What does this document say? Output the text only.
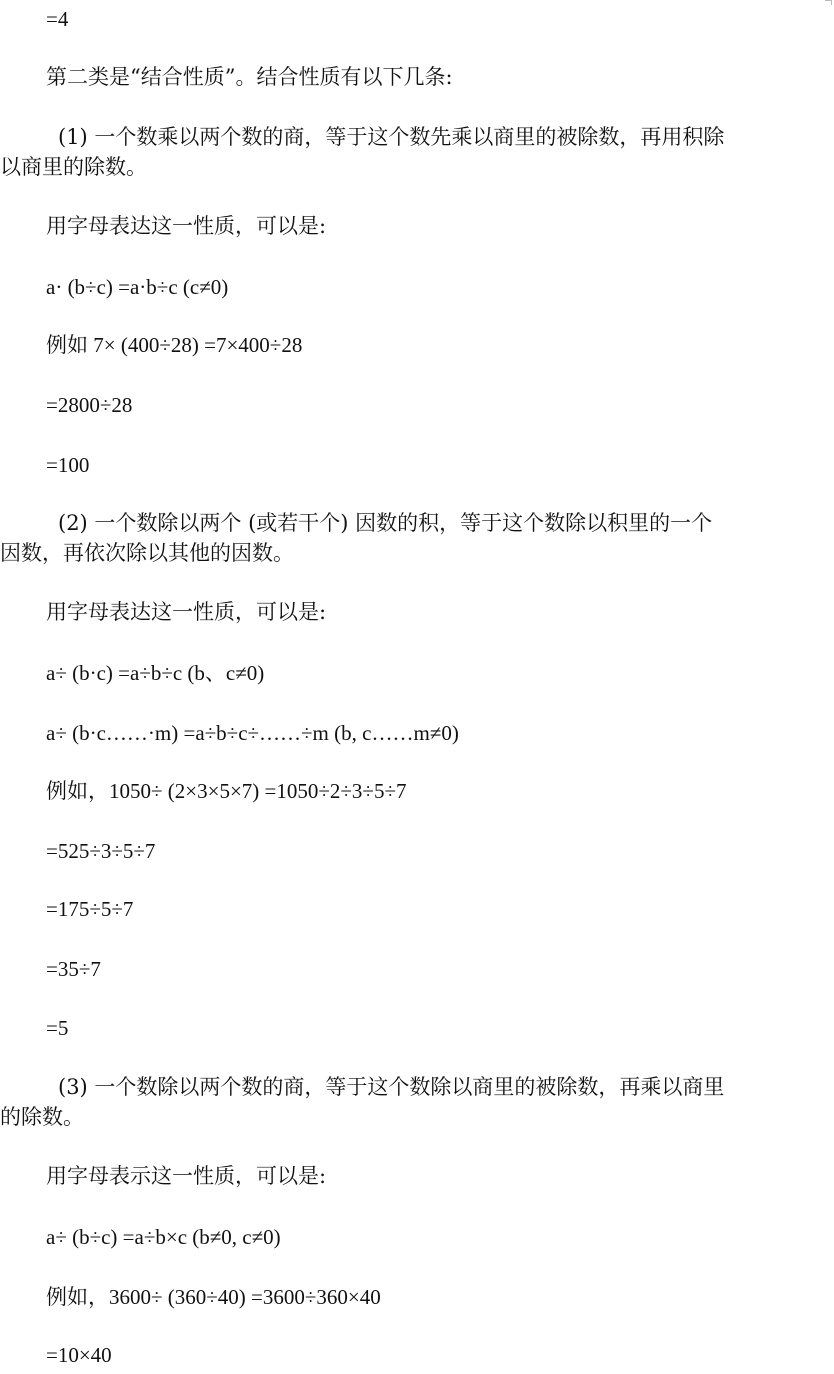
=4
第二类是“结合性质”。结合性质有以下几条:
(1) 一个数乘以两个数的商，等于这个数先乘以商里的被除数，再用积除
以商里的除数。
用字母表达这一性质，可以是:
a· (b÷c) =a·b÷c (c≠0)
例如 7× (400÷28) =7×400÷28
=2800÷28
=100
(2) 一个数除以两个 (或若干个) 因数的积，等于这个数除以积里的一个
因数，再依次除以其他的因数。
用字母表达这一性质，可以是:
a÷ (b·c) =a÷b÷c (b、c≠0)
a÷ (b·c……·m) =a÷b÷c÷……÷m (b, c……m≠0)
例如，1050÷ (2×3×5×7) =1050÷2÷3÷5÷7
=525÷3÷5÷7
=175÷5÷7
=35÷7
=5
(3) 一个数除以两个数的商，等于这个数除以商里的被除数，再乘以商里
的除数。
用字母表示这一性质，可以是:
a÷ (b÷c) =a÷b×c (b≠0, c≠0)
例如，3600÷ (360÷40) =3600÷360×40
=10×40
